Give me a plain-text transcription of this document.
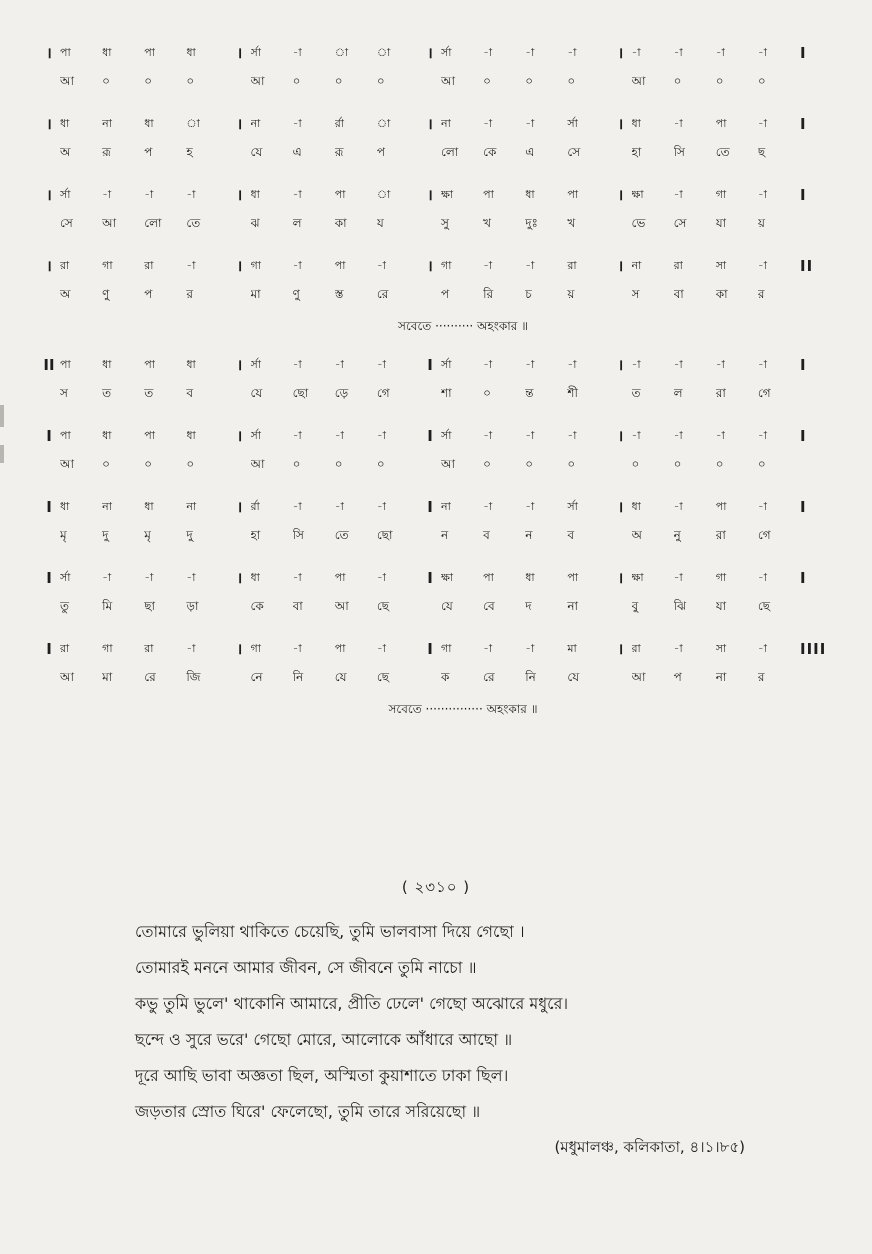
। পা	ধা	পা	ধা	। র্সা	-া	া	া	। র্সা	-া	-া	-া	। -া	-া	-া	-া	I
আ	০	০	০	আ	০	০	০	আ	০	০	০	আ	০	০	০
। ধা	না	ধা	া	। না	-া	র্রা	া	। না	-া	-া	র্সা	। ধা	-া	পা	-া	I
অ	রূ	প	হ	যে	এ	রূ	প	লো	কে	এ	সে	হা	সি	তে	ছ
। র্সা	-া	-া	-া	। ধা	-া	পা	া	। ক্ষা	পা	ধা	পা	। ক্ষা	-া	গা	-া	I
সে	আ	লো	তে	ঝ	ল	কা	য	সু	খ	দুঃ	খ	ভে	সে	যা	য়
। রা	গা	রা	-া	। গা	-া	পা	-া	। গা	-া	-া	রা	। না	রা	সা	-া	II
অ	ণু	প	র	মা	ণু	স্ত	রে	প	রি	চ	য়	স	বা	কা	র
সবেতে ·········· অহংকার ॥
II পা	ধা	পা	ধা	। র্সা	-া	-া	-া	I র্সা	-া	-া	-া	। -া	-া	-া	-া	I
স	ত	ত	ব	যে	ছো	ড়ে	গে	শা	০	ন্ত	শী	ত	ল	রা	গে
I পা	ধা	পা	ধা	। র্সা	-া	-া	-া	I র্সা	-া	-া	-া	। -া	-া	-া	-া	I
আ	০	০	০	আ	০	০	০	আ	০	০	০	০	০	০	০
I ধা	না	ধা	না	। র্রা	-া	-া	-া	I না	-া	-া	র্সা	। ধা	-া	পা	-া	I
মৃ	দু	মৃ	দু	হা	সি	তে	ছো	ন	ব	ন	ব	অ	নু	রা	গে
I র্সা	-া	-া	-া	। ধা	-া	পা	-া	I ক্ষা	পা	ধা	পা	। ক্ষা	-া	গা	-া	I
তু	মি	ছা	ড়া	কে	বা	আ	ছে	যে	বে	দ	না	বু	ঝি	যা	ছে
I রা	গা	রা	-া	। গা	-া	পা	-া	I গা	-া	-া	মা	। রা	-া	সা	-া	IIII
আ	মা	রে	জি	নে	নি	যে	ছে	ক	রে	নি	যে	আ	প	না	র
সবেতে ··············· অহংকার ॥
( ২৩১০ )
তোমারে ভুলিয়া থাকিতে চেয়েছি, তুমি ভালবাসা দিয়ে গেছো ।
তোমারই মননে আমার জীবন, সে জীবনে তুমি নাচো ॥
কভু তুমি ভুলে' থাকোনি আমারে, প্রীতি ঢেলে' গেছো অঝোরে মধুরে।
ছন্দে ও সুরে ভরে' গেছো মোরে, আলোকে আঁধারে আছো ॥
দূরে আছি ভাবা অজ্ঞতা ছিল, অস্মিতা কুয়াশাতে ঢাকা ছিল।
জড়তার স্রোত ঘিরে' ফেলেছো, তুমি তারে সরিয়েছো ॥
(মধুমালঞ্চ, কলিকাতা, ৪।১।৮৫)
